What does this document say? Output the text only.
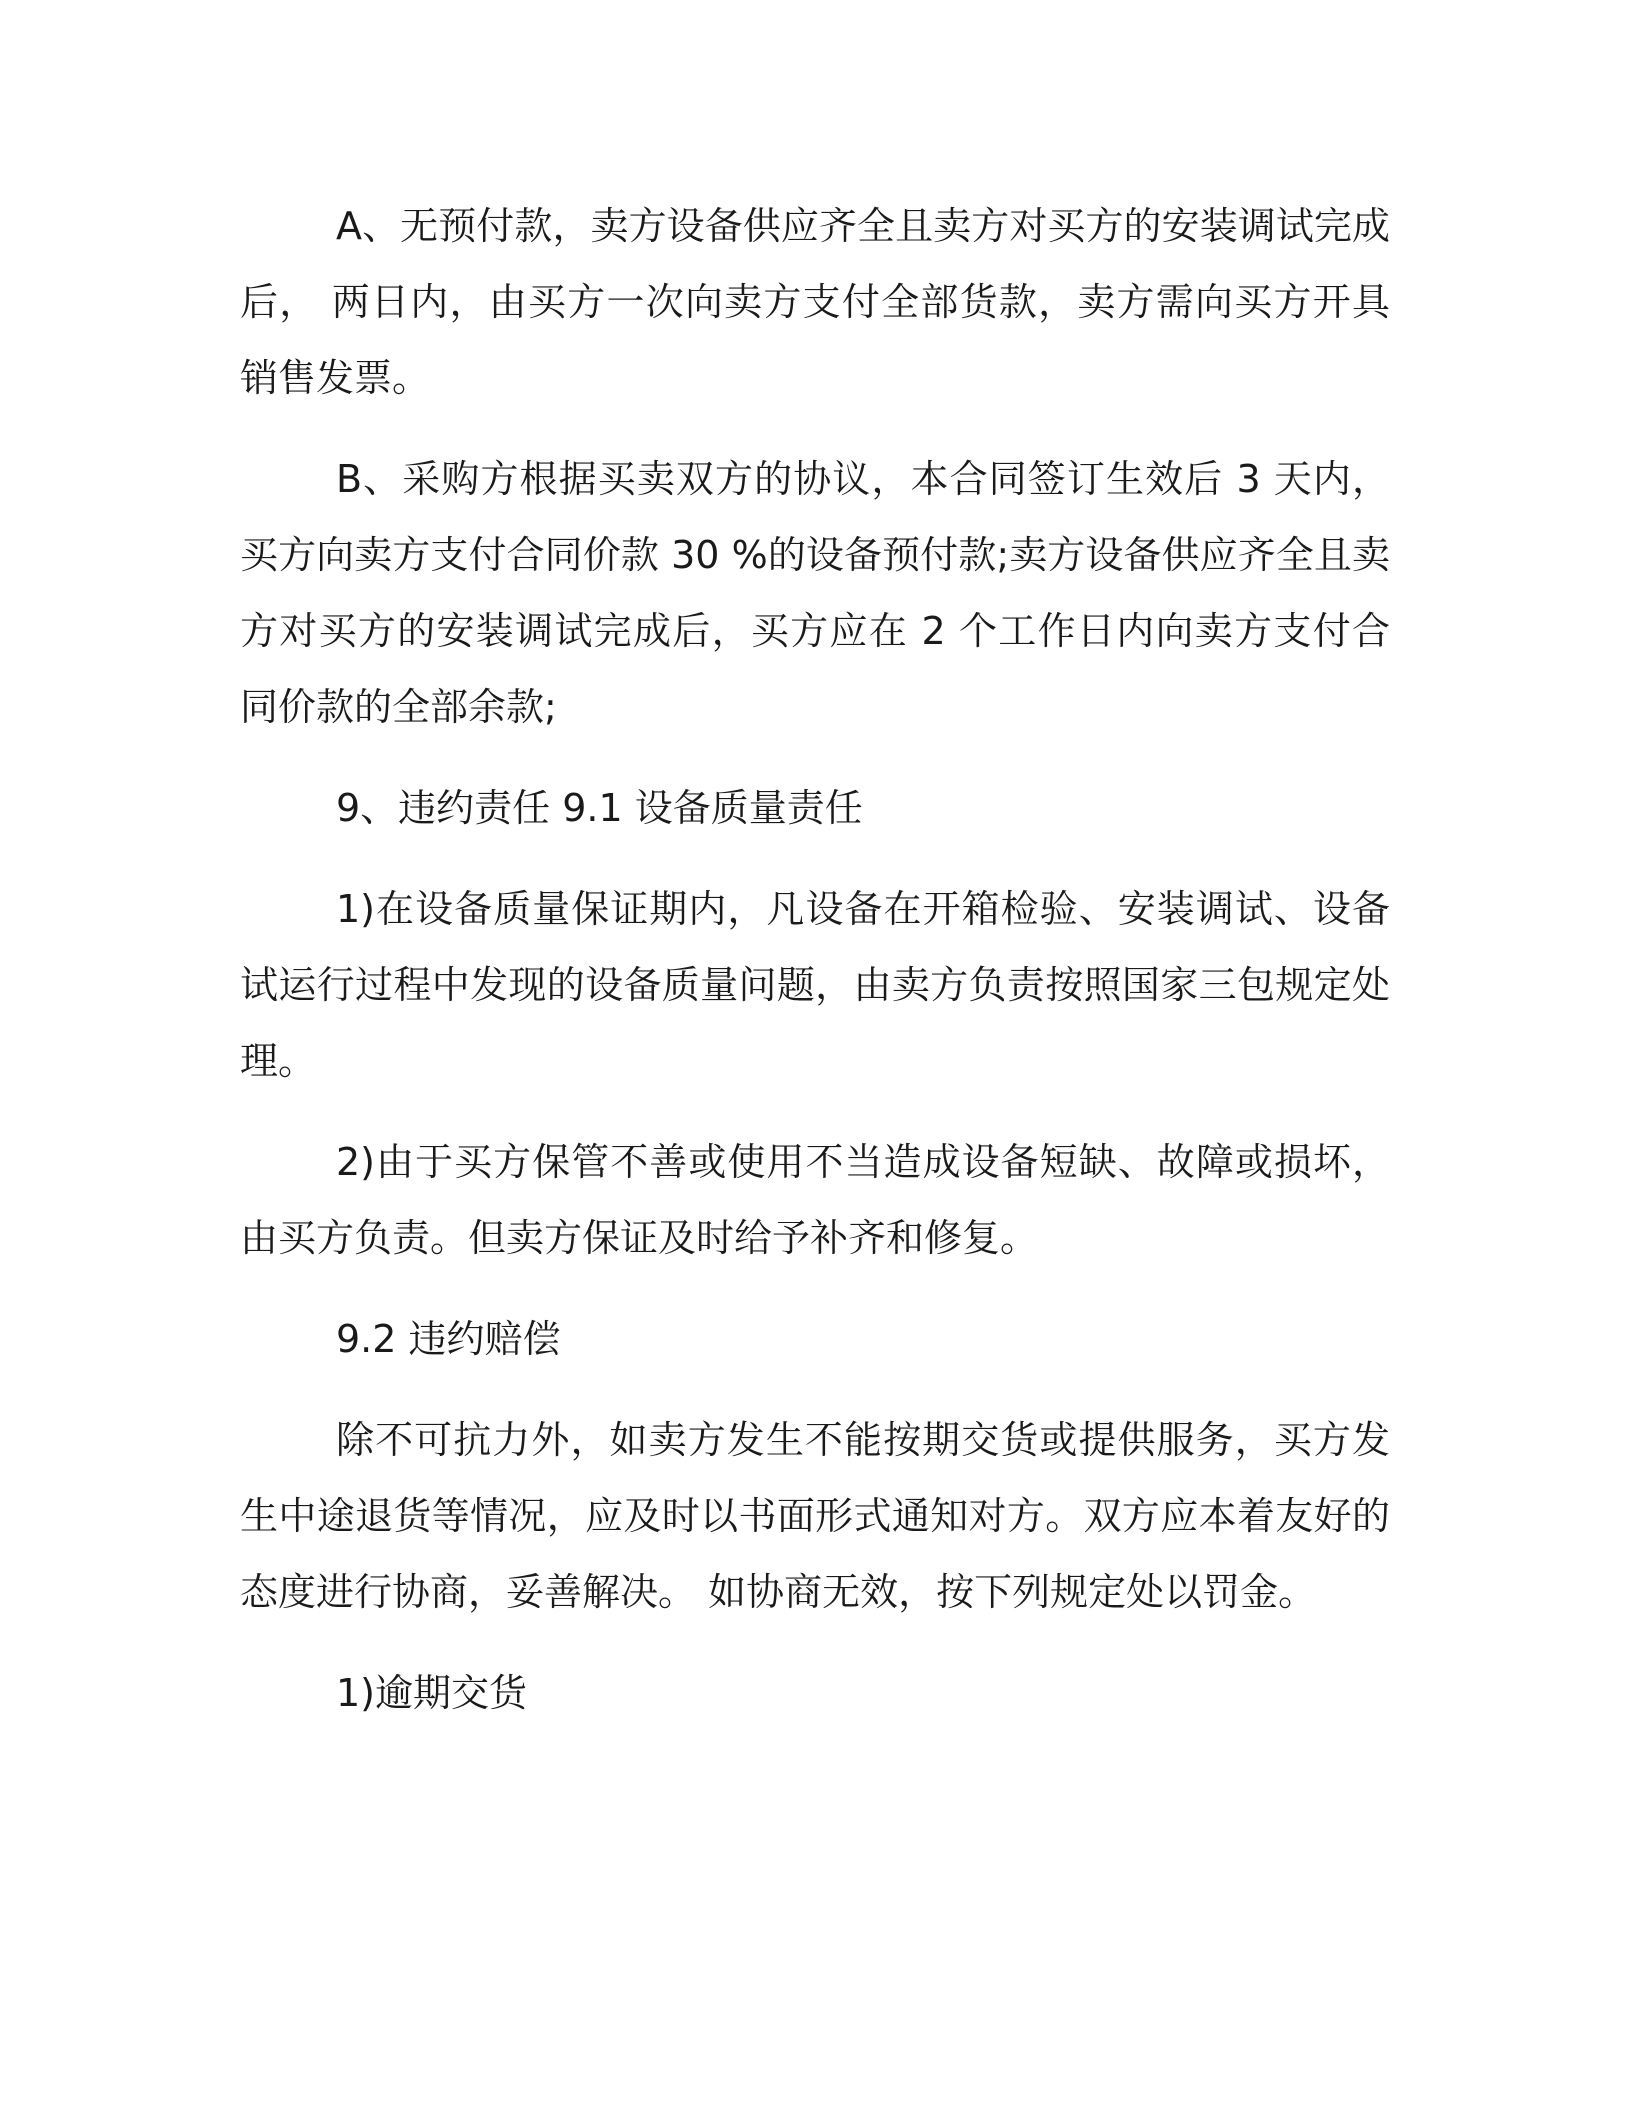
A、无预付款，卖方设备供应齐全且卖方对买方的安装调试完成后， 两日内，由买方一次向卖方支付全部货款，卖方需向买方开具销售发票。

B、采购方根据买卖双方的协议，本合同签订生效后 3 天内，买方向卖方支付合同价款 30 %的设备预付款;卖方设备供应齐全且卖方对买方的安装调试完成后，买方应在 2 个工作日内向卖方支付合同价款的全部余款;

9、违约责任 9.1 设备质量责任

1)在设备质量保证期内，凡设备在开箱检验、安装调试、设备试运行过程中发现的设备质量问题，由卖方负责按照国家三包规定处理。

2)由于买方保管不善或使用不当造成设备短缺、故障或损坏，由买方负责。但卖方保证及时给予补齐和修复。

9.2 违约赔偿

除不可抗力外，如卖方发生不能按期交货或提供服务，买方发生中途退货等情况，应及时以书面形式通知对方。双方应本着友好的态度进行协商，妥善解决。 如协商无效，按下列规定处以罚金。

1)逾期交货
